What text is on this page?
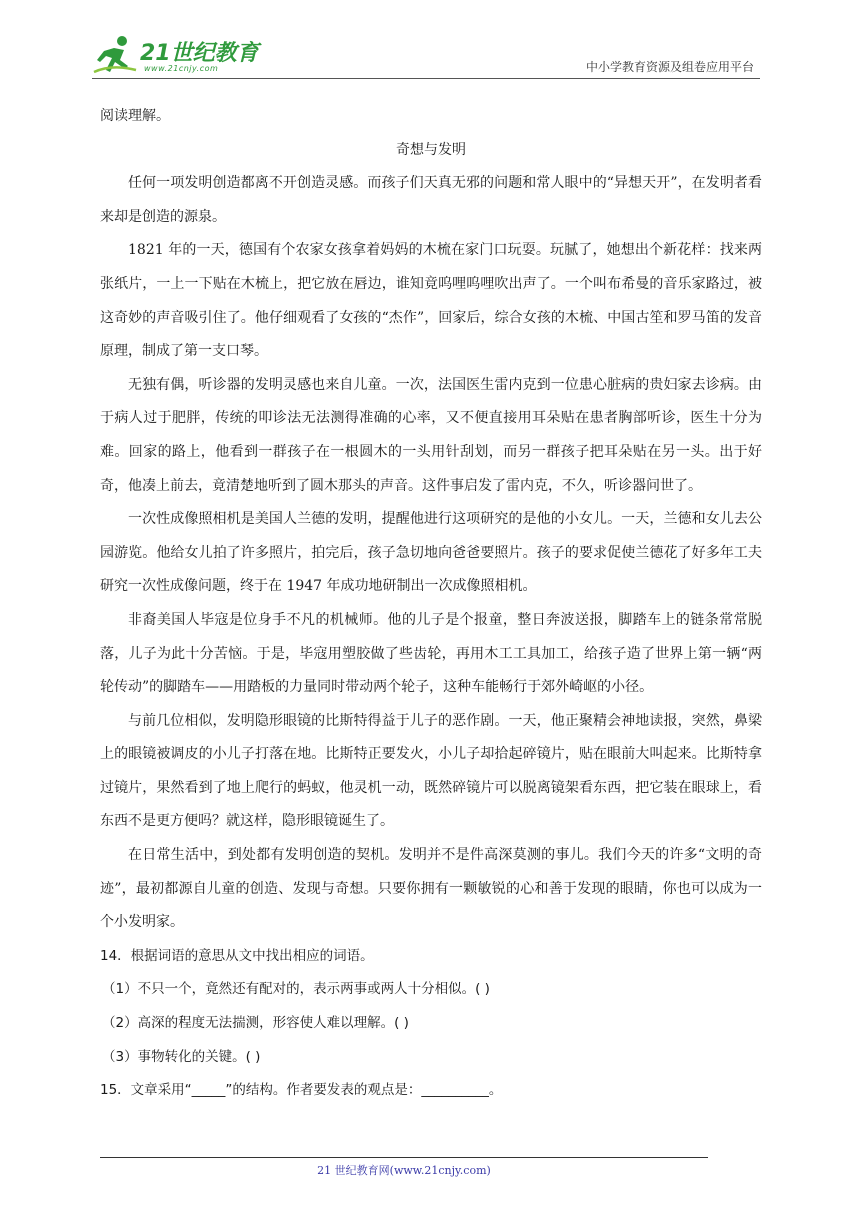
21世纪教育
www.21cnjy.com	中小学教育资源及组卷应用平台

阅读理解。

奇想与发明

任何一项发明创造都离不开创造灵感。而孩子们天真无邪的问题和常人眼中的“异想天开”，在发明者看来却是创造的源泉。

1821 年的一天，德国有个农家女孩拿着妈妈的木梳在家门口玩耍。玩腻了，她想出个新花样：找来两张纸片，一上一下贴在木梳上，把它放在唇边，谁知竟呜哩呜哩吹出声了。一个叫布希曼的音乐家路过，被这奇妙的声音吸引住了。他仔细观看了女孩的“杰作”，回家后，综合女孩的木梳、中国古笙和罗马笛的发音原理，制成了第一支口琴。

无独有偶，听诊器的发明灵感也来自儿童。一次，法国医生雷内克到一位患心脏病的贵妇家去诊病。由于病人过于肥胖，传统的叩诊法无法测得准确的心率，又不便直接用耳朵贴在患者胸部听诊，医生十分为难。回家的路上，他看到一群孩子在一根圆木的一头用针刮划，而另一群孩子把耳朵贴在另一头。出于好奇，他凑上前去，竟清楚地听到了圆木那头的声音。这件事启发了雷内克，不久，听诊器问世了。

一次性成像照相机是美国人兰德的发明，提醒他进行这项研究的是他的小女儿。一天，兰德和女儿去公园游览。他给女儿拍了许多照片，拍完后，孩子急切地向爸爸要照片。孩子的要求促使兰德花了好多年工夫研究一次性成像问题，终于在 1947 年成功地研制出一次成像照相机。

非裔美国人毕寇是位身手不凡的机械师。他的儿子是个报童，整日奔波送报，脚踏车上的链条常常脱落，儿子为此十分苦恼。于是，毕寇用塑胶做了些齿轮，再用木工工具加工，给孩子造了世界上第一辆“两轮传动”的脚踏车——用踏板的力量同时带动两个轮子，这种车能畅行于郊外崎岖的小径。

与前几位相似，发明隐形眼镜的比斯特得益于儿子的恶作剧。一天，他正聚精会神地读报，突然，鼻梁上的眼镜被调皮的小儿子打落在地。比斯特正要发火，小儿子却拾起碎镜片，贴在眼前大叫起来。比斯特拿过镜片，果然看到了地上爬行的蚂蚁，他灵机一动，既然碎镜片可以脱离镜架看东西，把它装在眼球上，看东西不是更方便吗？就这样，隐形眼镜诞生了。

在日常生活中，到处都有发明创造的契机。发明并不是件高深莫测的事儿。我们今天的许多“文明的奇迹”，最初都源自儿童的创造、发现与奇想。只要你拥有一颗敏锐的心和善于发现的眼睛，你也可以成为一个小发明家。

14．根据词语的意思从文中找出相应的词语。

（1）不只一个，竟然还有配对的，表示两事或两人十分相似。( )

（2）高深的程度无法揣测，形容使人难以理解。( )

（3）事物转化的关键。( )

15．文章采用“_____”的结构。作者要发表的观点是：__________。

21 世纪教育网(www.21cnjy.com)
